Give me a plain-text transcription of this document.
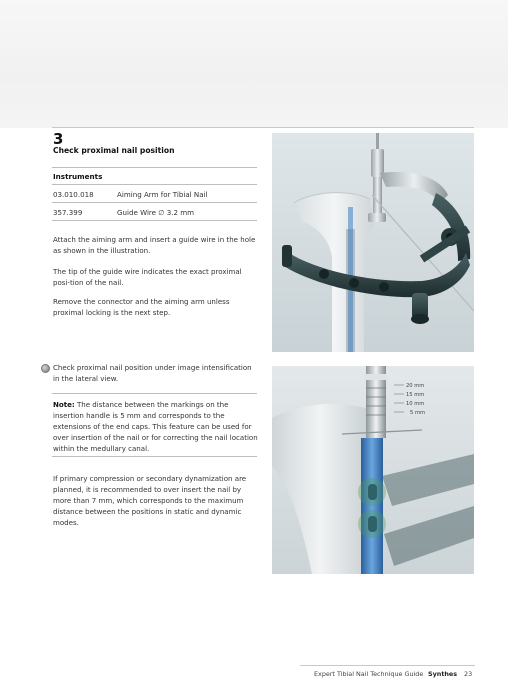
3
Check proximal nail position
Instruments
03.010.018	Aiming Arm for Tibial Nail
357.399	Guide Wire ∅ 3.2 mm

Attach the aiming arm and insert a guide wire in the hole as shown in the illustration.

The tip of the guide wire indicates the exact proximal posi-tion of the nail.

Remove the connector and the aiming arm unless proximal locking is the next step.

Check proximal nail position under image intensification in the lateral view.

Note: The distance between the markings on the insertion handle is 5 mm and corresponds to the extensions of the end caps. This feature can be used for over insertion of the nail or for correcting the nail location within the medullary canal.

If primary compression or secondary dynamization are planned, it is recommended to over insert the nail by more than 7 mm, which corresponds to the maximum distance between the positions in static and dynamic modes.

20 mm
15 mm
10 mm
5 mm
Expert Tibial Nail Technique Guide Synthes 23
